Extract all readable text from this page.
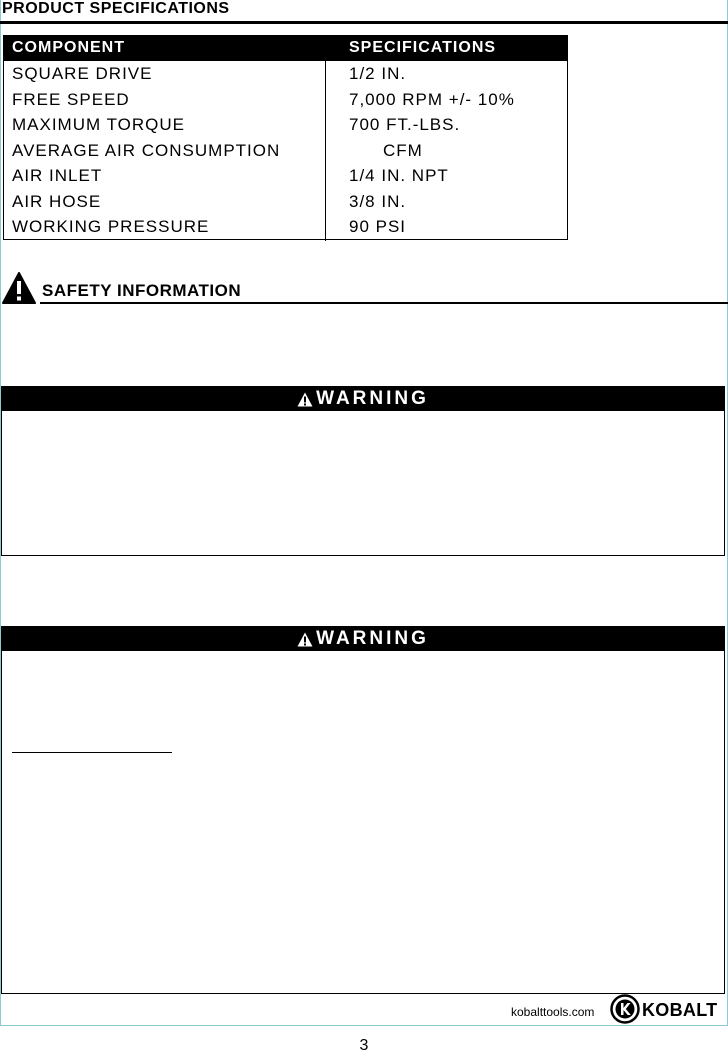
PRODUCT SPECIFICATIONS
COMPONENT	SPECIFICATIONS
SQUARE DRIVE	1/2 IN.
FREE SPEED	7,000 RPM +/- 10%
MAXIMUM TORQUE	700 FT.-LBS.
AVERAGE AIR CONSUMPTION	CFM
AIR INLET	1/4 IN. NPT
AIR HOSE	3/8 IN.
WORKING PRESSURE	90 PSI
SAFETY INFORMATION
WARNING
WARNING
kobalttools.com	KOBALT
3
